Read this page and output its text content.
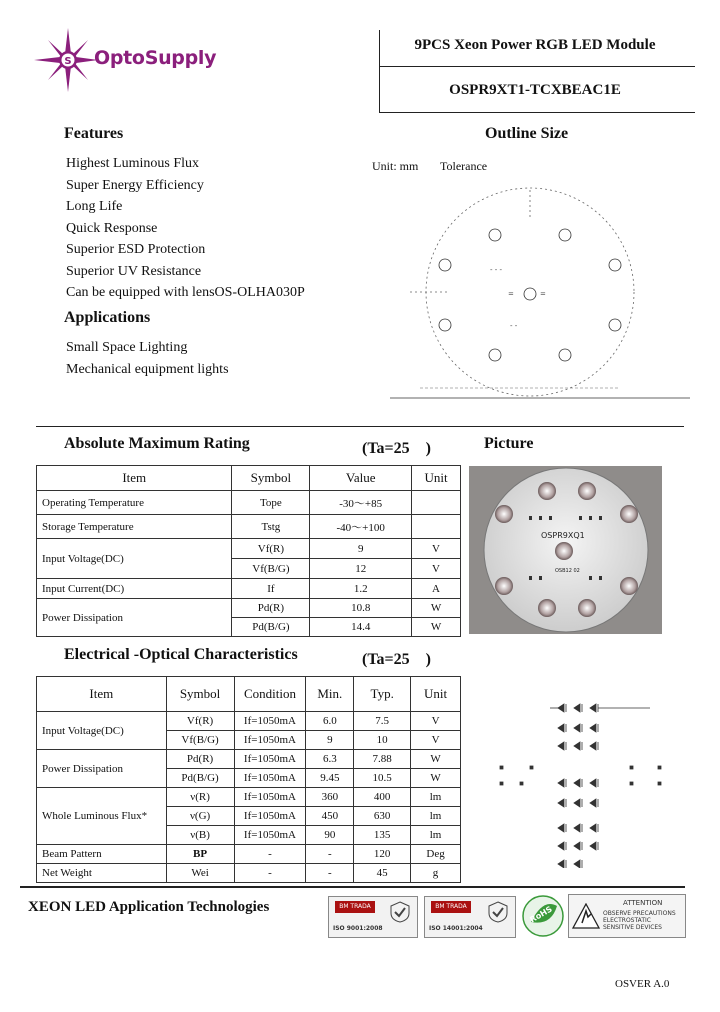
S OptoSupply
9PCS Xeon Power RGB LED Module
OSPR9XT1-TCXBEAC1E
Features
Highest Luminous Flux
Super Energy Efficiency
Long Life
Quick Response
Superior ESD Protection
Superior UV Resistance
Can be equipped with lensOS-OLHA030P
Applications
Small Space Lighting
Mechanical equipment lights
Outline Size
Unit: mm Tolerance
=	=
- - -
- -
Absolute Maximum Rating	(Ta=25　)
Item	Symbol	Value	Unit
Operating Temperature	Tope	-30～+85	
Storage Temperature	Tstg	-40～+100	
Input Voltage(DC)	Vf(R)	9	V
	Vf(B/G)	12	V
Input Current(DC)	If	1.2	A
Power Dissipation	Pd(R)	10.8	W
	Pd(B/G)	14.4	W
Picture
OSPR9XQ1
OSB12 02
Electrical -Optical Characteristics	(Ta=25　)
Item	Symbol	Condition	Min.	Typ.	Unit
Input Voltage(DC)	Vf(R)	If=1050mA	6.0	7.5	V
	Vf(B/G)	If=1050mA	9	10	V
Power Dissipation	Pd(R)	If=1050mA	6.3	7.88	W
	Pd(B/G)	If=1050mA	9.45	10.5	W
Whole Luminous Flux*	ν(R)	If=1050mA	360	400	lm
	ν(G)	If=1050mA	450	630	lm
	ν(B)	If=1050mA	90	135	lm
Beam Pattern	BP	-	-	120	Deg
Net Weight	Wei	-	-	45	g
XEON LED Application Technologies	BM TRADA
ISO 9001:2008
BM TRADA
ISO 14001:2004
RoHS
ATTENTION
OBSERVE PRECAUTIONS
ELECTROSTATIC
SENSITIVE DEVICES
OSVER A.0
